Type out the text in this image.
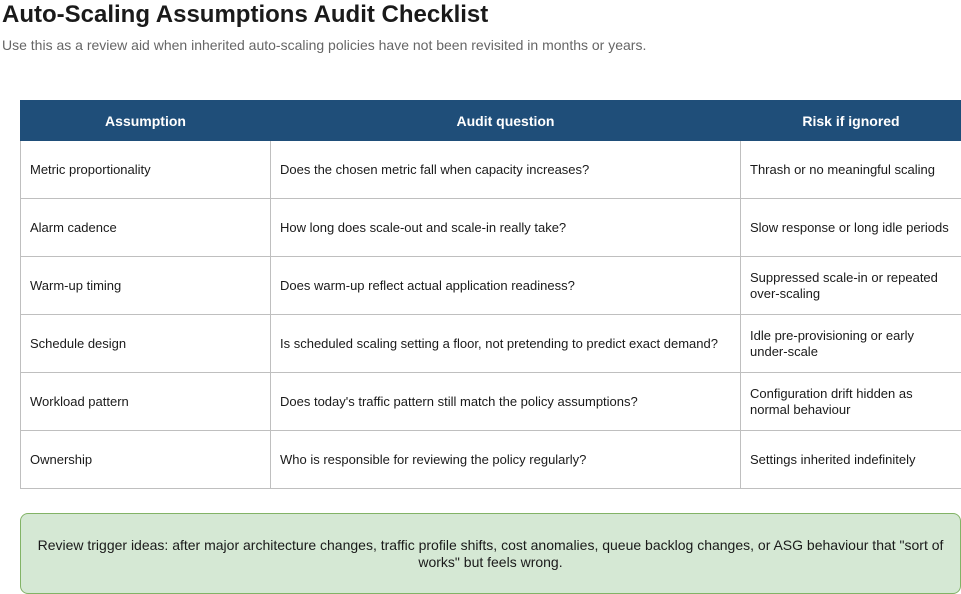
Auto-Scaling Assumptions Audit Checklist

Use this as a review aid when inherited auto-scaling policies have not been revisited in months or years.

Assumption	Audit question	Risk if ignored
Metric proportionality	Does the chosen metric fall when capacity increases?	Thrash or no meaningful scaling
Alarm cadence	How long does scale-out and scale-in really take?	Slow response or long idle periods
Warm-up timing	Does warm-up reflect actual application readiness?	Suppressed scale-in or repeated over-scaling
Schedule design	Is scheduled scaling setting a floor, not pretending to predict exact demand?	Idle pre-provisioning or early under-scale
Workload pattern	Does today's traffic pattern still match the policy assumptions?	Configuration drift hidden as normal behaviour
Ownership	Who is responsible for reviewing the policy regularly?	Settings inherited indefinitely
Review trigger ideas: after major architecture changes, traffic profile shifts, cost anomalies, queue backlog changes, or ASG behaviour that "sort of works" but feels wrong.
